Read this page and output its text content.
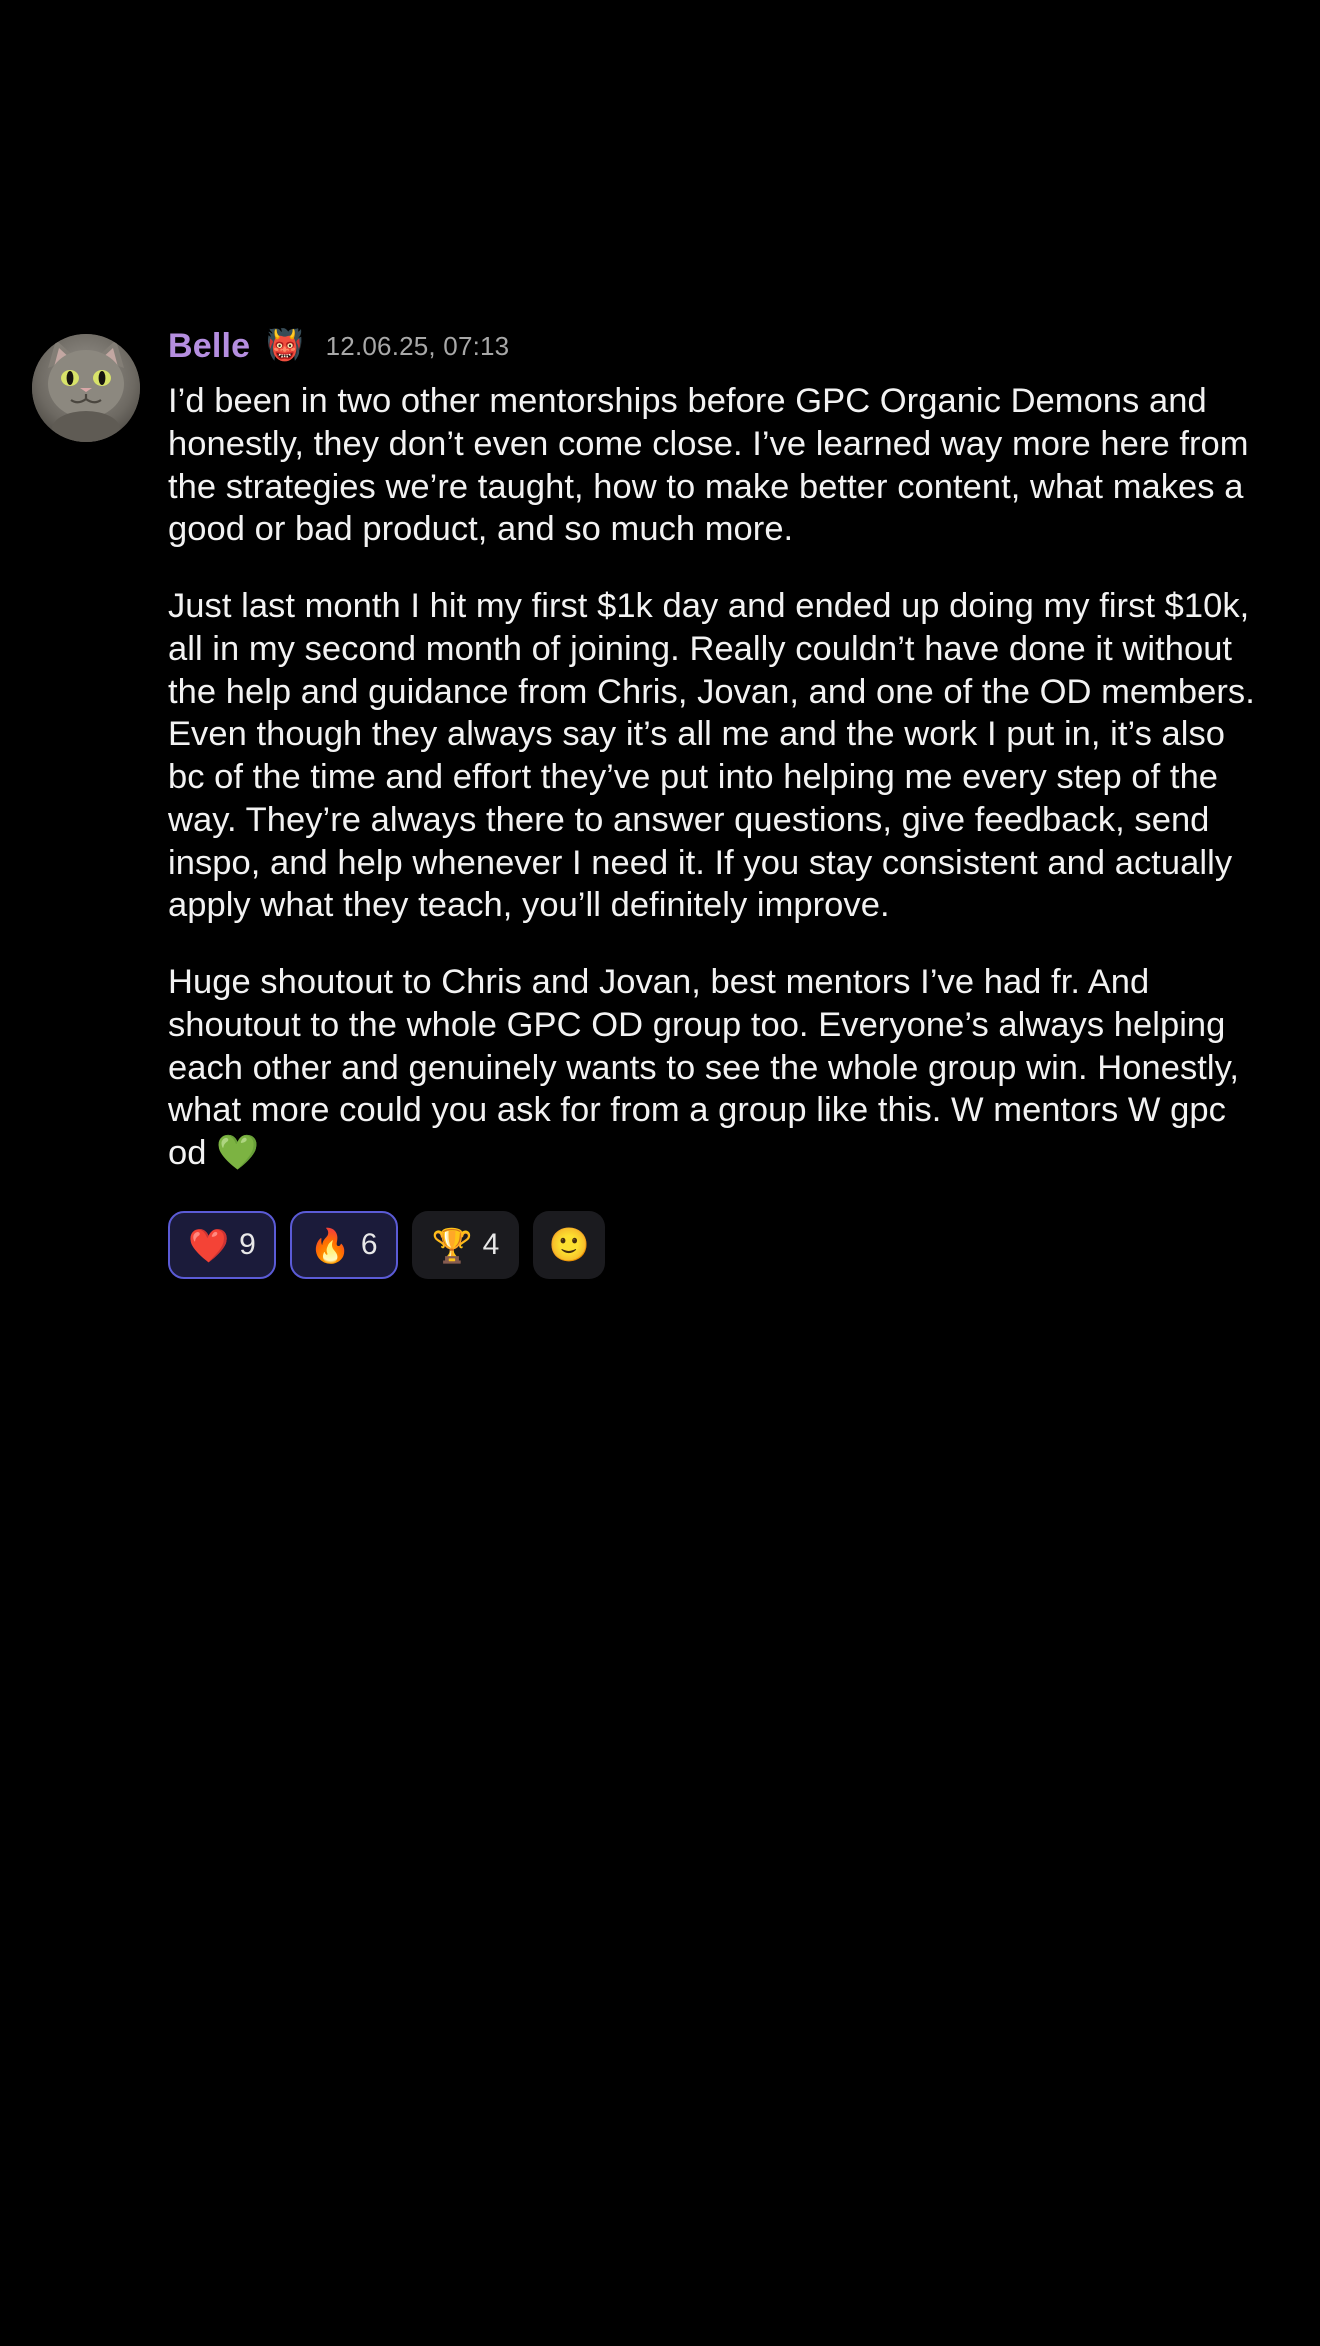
Belle 👹 12.06.25, 07:13

I’d been in two other mentorships before GPC Organic Demons and honestly, they don’t even come close. I’ve learned way more here from the strategies we’re taught, how to make better content, what makes a good or bad product, and so much more.

Just last month I hit my first $1k day and ended up doing my first $10k, all in my second month of joining. Really couldn’t have done it without the help and guidance from Chris, Jovan, and one of the OD members. Even though they always say it’s all me and the work I put in, it’s also bc of the time and effort they’ve put into helping me every step of the way. They’re always there to answer questions, give feedback, send inspo, and help whenever I need it. If you stay consistent and actually apply what they teach, you’ll definitely improve.

Huge shoutout to Chris and Jovan, best mentors I’ve had fr. And shoutout to the whole GPC OD group too. Everyone’s always helping each other and genuinely wants to see the whole group win. Honestly, what more could you ask for from a group like this. W mentors W gpc od 💚

❤️ 9 🔥 6 🏆 4 🙂
